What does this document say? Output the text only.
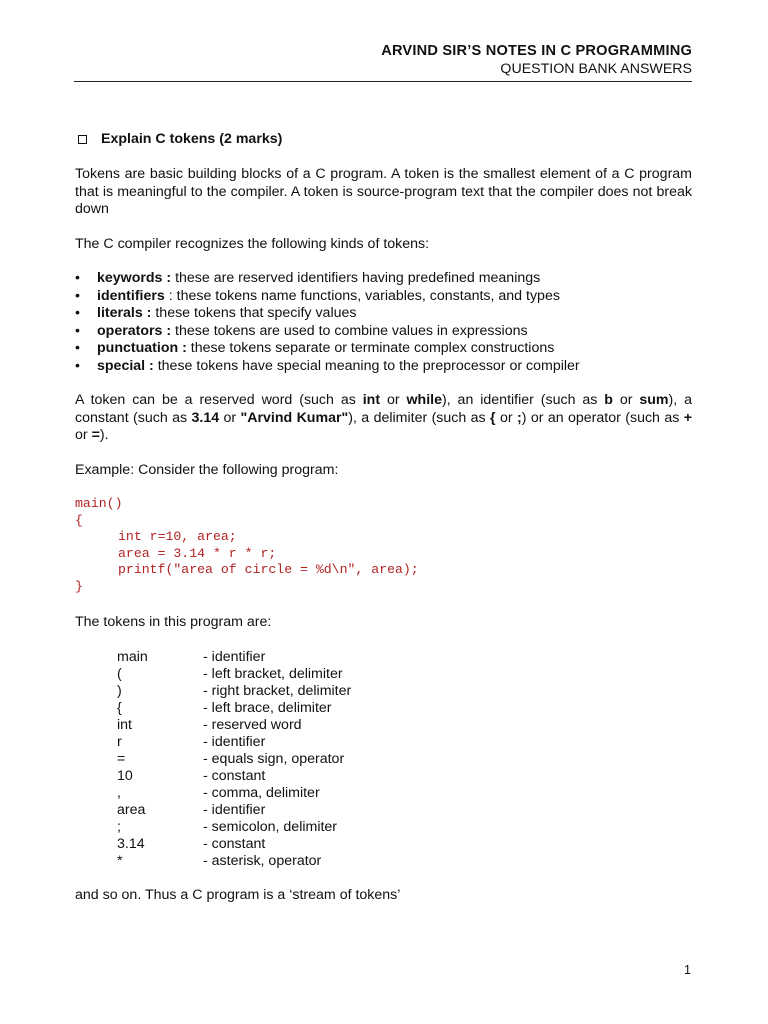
ARVIND SIR’S NOTES IN C PROGRAMMING
QUESTION BANK ANSWERS
Explain C tokens (2 marks)

Tokens are basic building blocks of a C program. A token is the smallest element of a C program that is meaningful to the compiler. A token is source-program text that the compiler does not break down

The C compiler recognizes the following kinds of tokens:

•	keywords : these are reserved identifiers having predefined meanings
•	identifiers : these tokens name functions, variables, constants, and types
•	literals : these tokens that specify values
•	operators : these tokens are used to combine values in expressions
•	punctuation : these tokens separate or terminate complex constructions
•	special : these tokens have special meaning to the preprocessor or compiler

A token can be a reserved word (such as int or while), an identifier (such as b or sum), a constant (such as 3.14 or "Arvind Kumar"), a delimiter (such as { or ;) or an operator (such as + or =).

Example: Consider the following program:

main()
{
int r=10, area;
area = 3.14 * r * r;
printf("area of circle = %d\n", area);
}

The tokens in this program are:

main	- identifier
(	- left bracket, delimiter
)	- right bracket, delimiter
{	- left brace, delimiter
int	- reserved word
r	- identifier
=	- equals sign, operator
10	- constant
,	- comma, delimiter
area	- identifier
;	- semicolon, delimiter
3.14	- constant
*	- asterisk, operator

and so on. Thus a C program is a ‘stream of tokens’

1
